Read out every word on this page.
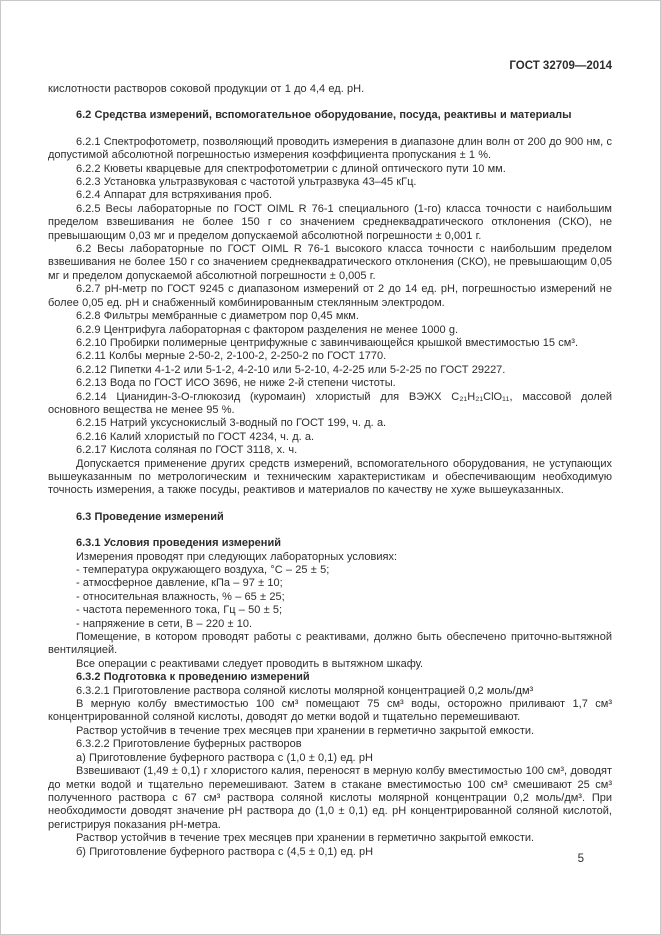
ГОСТ 32709—2014

кислотности растворов соковой продукции от 1 до 4,4 ед. pH.

6.2 Средства измерений, вспомогательное оборудование, посуда, реактивы и материалы

6.2.1 Спектрофотометр, позволяющий проводить измерения в диапазоне длин волн от 200 до 900 нм, с допустимой абсолютной погрешностью измерения коэффициента пропускания ± 1 %.

6.2.2 Кюветы кварцевые для спектрофотометрии с длиной оптического пути 10 мм.

6.2.3 Установка ультразвуковая с частотой ультразвука 43–45 кГц.

6.2.4 Аппарат для встряхивания проб.

6.2.5 Весы лабораторные по ГОСТ OIML R 76-1 специального (1-го) класса точности с наибольшим пределом взвешивания не более 150 г со значением среднеквадратического отклонения (СКО), не превышающим 0,03 мг и пределом допускаемой абсолютной погрешности ± 0,001 г.

6.2 Весы лабораторные по ГОСТ OIML R 76-1 высокого класса точности с наибольшим пределом взвешивания не более 150 г со значением среднеквадратического отклонения (СКО), не превышающим 0,05 мг и пределом допускаемой абсолютной погрешности ± 0,005 г.

6.2.7 pH-метр по ГОСТ 9245 с диапазоном измерений от 2 до 14 ед. pH, погрешностью измерений не более 0,05 ед. pH и снабженный комбинированным стеклянным электродом.

6.2.8 Фильтры мембранные с диаметром пор 0,45 мкм.

6.2.9 Центрифуга лабораторная с фактором разделения не менее 1000 g.

6.2.10 Пробирки полимерные центрифужные с завинчивающейся крышкой вместимостью 15 см³.

6.2.11 Колбы мерные 2-50-2, 2-100-2, 2-250-2 по ГОСТ 1770.

6.2.12 Пипетки 4-1-2 или 5-1-2, 4-2-10 или 5-2-10, 4-2-25 или 5-2-25 по ГОСТ 29227.

6.2.13 Вода по ГОСТ ИСО 3696, не ниже 2-й степени чистоты.

6.2.14 Цианидин-3-О-глюкозид (куромаин) хлористый для ВЭЖХ C₂₁H₂₁ClO₁₁, массовой долей основного вещества не менее 95 %.

6.2.15 Натрий уксуснокислый 3-водный по ГОСТ 199, ч. д. а.

6.2.16 Калий хлористый по ГОСТ 4234, ч. д. а.

6.2.17 Кислота соляная по ГОСТ 3118, х. ч.

Допускается применение других средств измерений, вспомогательного оборудования, не уступающих вышеуказанным по метрологическим и техническим характеристикам и обеспечивающим необходимую точность измерения, а также посуды, реактивов и материалов по качеству не хуже вышеуказанных.

6.3 Проведение измерений

6.3.1 Условия проведения измерений

Измерения проводят при следующих лабораторных условиях:

- температура окружающего воздуха, °С – 25 ± 5;

- атмосферное давление, кПа – 97 ± 10;

- относительная влажность, % – 65 ± 25;

- частота переменного тока, Гц – 50 ± 5;

- напряжение в сети, В – 220 ± 10.

Помещение, в котором проводят работы с реактивами, должно быть обеспечено приточно-вытяжной вентиляцией.

Все операции с реактивами следует проводить в вытяжном шкафу.

6.3.2 Подготовка к проведению измерений

6.3.2.1 Приготовление раствора соляной кислоты молярной концентрацией 0,2 моль/дм³

В мерную колбу вместимостью 100 см³ помещают 75 см³ воды, осторожно приливают 1,7 см³ концентрированной соляной кислоты, доводят до метки водой и тщательно перемешивают.

Раствор устойчив в течение трех месяцев при хранении в герметично закрытой емкости.

6.3.2.2 Приготовление буферных растворов

а) Приготовление буферного раствора с (1,0 ± 0,1) ед. pH

Взвешивают (1,49 ± 0,1) г хлористого калия, переносят в мерную колбу вместимостью 100 см³, доводят до метки водой и тщательно перемешивают. Затем в стакане вместимостью 100 см³ смешивают 25 см³ полученного раствора с 67 см³ раствора соляной кислоты молярной концентрации 0,2 моль/дм³. При необходимости доводят значение pH раствора до (1,0 ± 0,1) ед. pH концентрированной соляной кислотой, регистрируя показания pH-метра.

Раствор устойчив в течение трех месяцев при хранении в герметично закрытой емкости.

б) Приготовление буферного раствора с (4,5 ± 0,1) ед. pH

5
